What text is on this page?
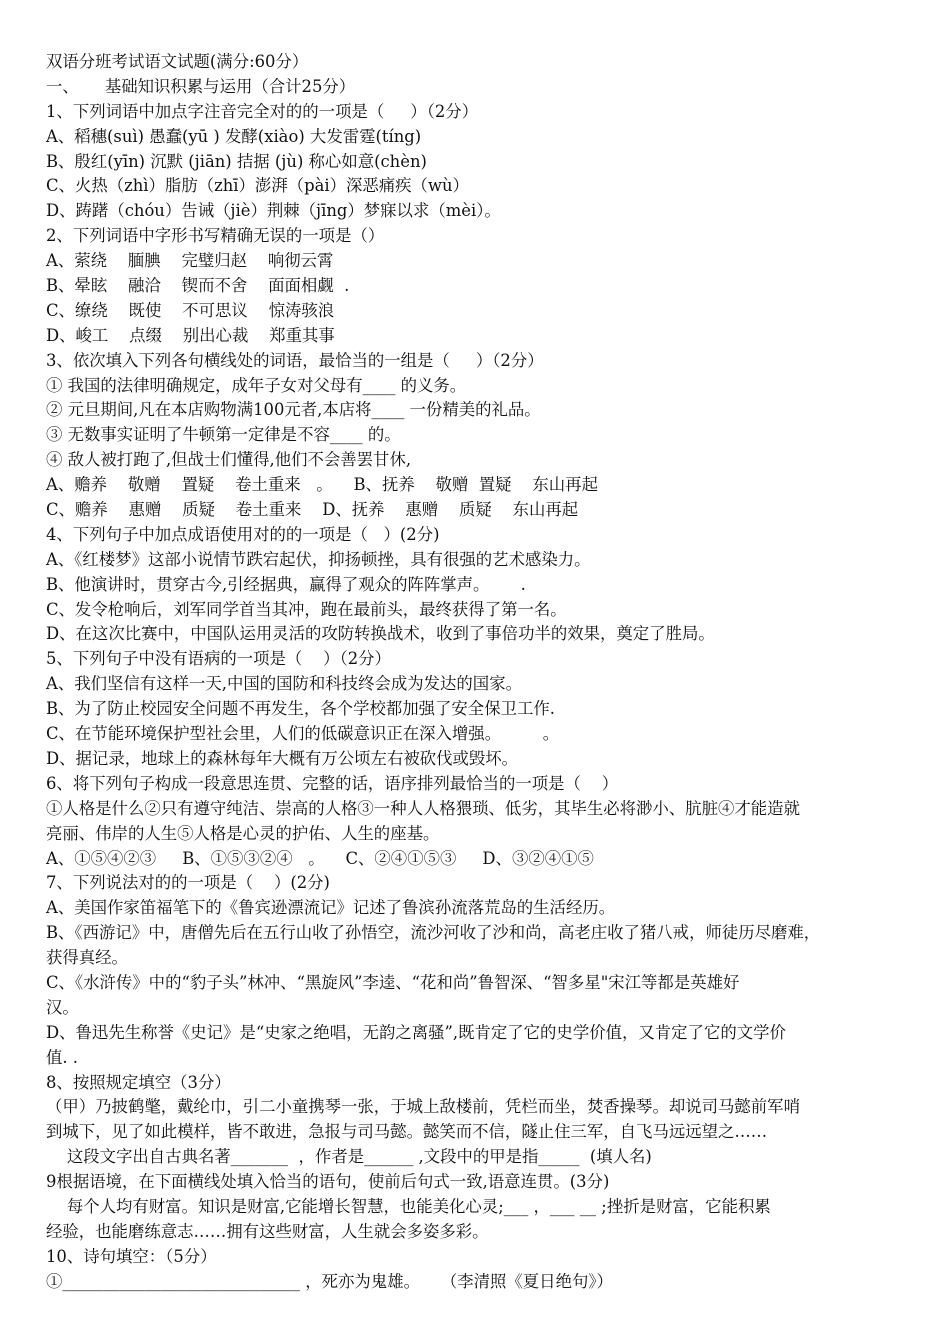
双语分班考试语文试题(满分:60分）
一、     基础知识积累与运用（合计25分）
1、下列词语中加点字注音完全对的的一项是（     ）（2分）
A、稻穗(suì) 愚蠢(yū ) 发酵(xiào) 大发雷霆(tíng)
B、殷红(yīn) 沉默 (jiān) 拮据 (jù) 称心如意(chèn)
C、火热（zhì）脂肪（zhī）澎湃（pài）深恶痛疾（wù）
D、踌躇（chóu）告诫（jiè）荆棘（jīng）梦寐以求（mèi）。
2、下列词语中字形书写精确无误的一项是（）
A、萦绕    腼腆    完璧归赵    响彻云霄
B、晕眩    融洽    锲而不舍    面面相觑  .
C、缭绕    既使    不可思议    惊涛骇浪
D、峻工    点缀    别出心裁    郑重其事
3、依次填入下列各句横线处的词语，最恰当的一组是（     ）（2分）
① 我国的法律明确规定，成年子女对父母有____ 的义务。
② 元旦期间,凡在本店购物满100元者,本店将____ 一份精美的礼品。
③ 无数事实证明了牛顿第一定律是不容____ 的。
④ 敌人被打跑了,但战士们懂得,他们不会善罢甘休,
A、赡养    敬赠    置疑    卷土重来   。    B、抚养    敬赠  置疑    东山再起
C、赡养    惠赠    质疑    卷土重来    D、抚养    惠赠    质疑    东山再起
4、下列句子中加点成语使用对的的一项是（   ）(2分)
A、《红楼梦》这部小说情节跌宕起伏，抑扬顿挫，具有很强的艺术感染力。
B、他演讲时，贯穿古今,引经据典，赢得了观众的阵阵掌声。      .
C、发令枪响后，刘军同学首当其冲，跑在最前头，最终获得了第一名。
D、在这次比赛中，中国队运用灵活的攻防转换战术，收到了事倍功半的效果，奠定了胜局。
5、下列句子中没有语病的一项是（    ）（2分）
A、我们坚信有这样一天,中国的国防和科技终会成为发达的国家。
B、为了防止校园安全问题不再发生，各个学校都加强了安全保卫工作.
C、在节能环境保护型社会里，人们的低碳意识正在深入增强。        。
D、据记录，地球上的森林每年大概有万公顷左右被砍伐或毁坏。
6、将下列句子构成一段意思连贯、完整的话，语序排列最恰当的一项是（    ）
①人格是什么②只有遵守纯洁、崇高的人格③一种人人格猥琐、低劣，其毕生必将渺小、肮脏④才能造就
亮丽、伟岸的人生⑤人格是心灵的护佑、人生的座基。
A、①⑤④②③     B、①⑤③②④   。    C、②④①⑤③     D、③②④①⑤
7、下列说法对的的一项是（    ）(2分)
A、美国作家笛福笔下的《鲁宾逊漂流记》记述了鲁滨孙流落荒岛的生活经历。
B、《西游记》中，唐僧先后在五行山收了孙悟空，流沙河收了沙和尚，高老庄收了猪八戒，师徒历尽磨难，
获得真经。
C、《水浒传》中的“豹子头”林冲、“黑旋风”李逵、“花和尚”鲁智深、“智多星"宋江等都是英雄好
汉。
D、鲁迅先生称誉《史记》是“史家之绝唱，无韵之离骚”,既肯定了它的史学价值，又肯定了它的文学价
值. .
8、按照规定填空（3分）
（甲）乃披鹤氅，戴纶巾，引二小童携琴一张，于城上敌楼前，凭栏而坐，焚香操琴。却说司马懿前军哨
到城下，见了如此模样，皆不敢进，急报与司马懿。懿笑而不信，隧止住三军，自飞马远远望之……
这段文字出自古典名著_______  ，作者是______ ,文段中的甲是指_____  (填人名)
9根据语境，在下面横线处填入恰当的语句，使前后句式一致,语意连贯。(3分)
每个人均有财富。知识是财富,它能增长智慧，也能美化心灵;___ ，___ __ ;挫折是财富，它能积累
经验，也能磨练意志……拥有这些财富，人生就会多姿多彩。
10、诗句填空：（5分）
①_____________________________ ，死亦为鬼雄。    （李清照《夏日绝句》）
